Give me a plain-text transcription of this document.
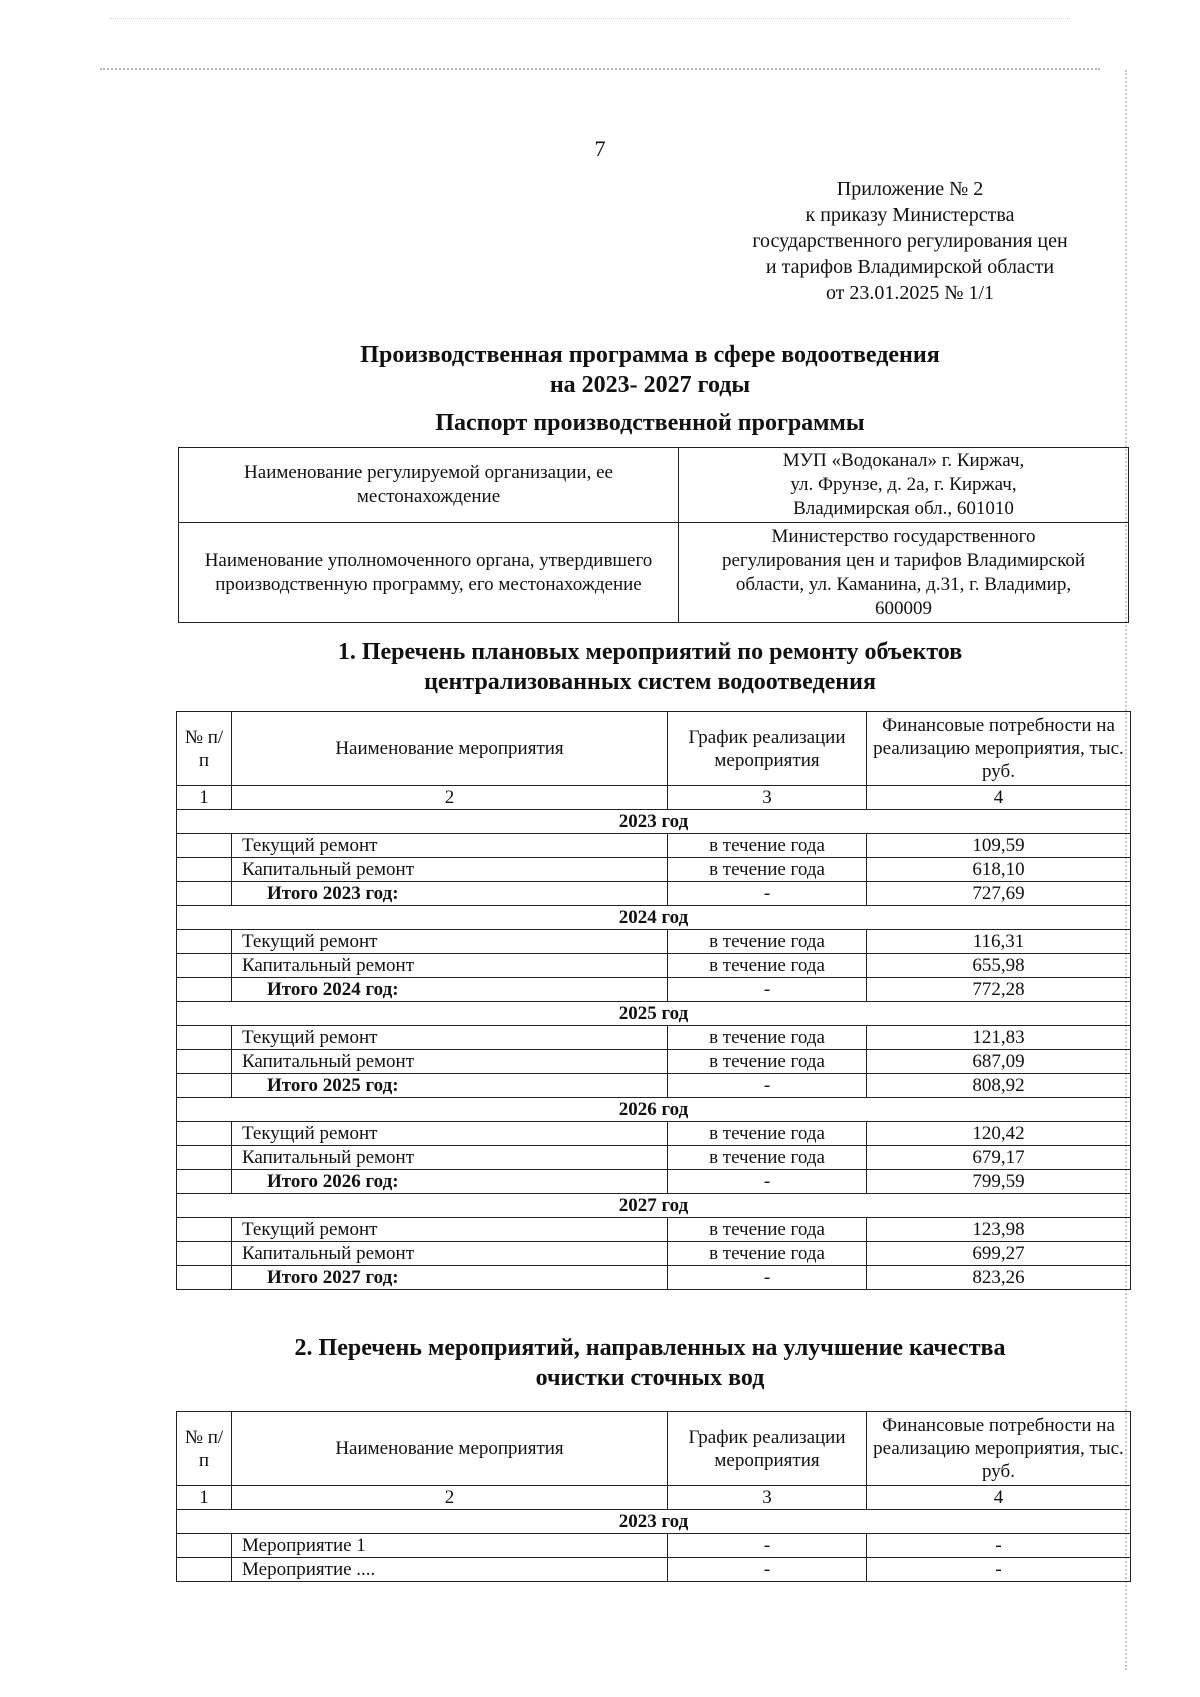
7
Приложение № 2
к приказу Министерства
государственного регулирования цен
и тарифов Владимирской области
от 23.01.2025 № 1/1
Производственная программа в сфере водоотведения
на 2023- 2027 годы
Паспорт производственной программы
Наименование регулируемой организации, ее местонахождение	МУП «Водоканал» г. Киржач,
ул. Фрунзе, д. 2а, г. Киржач,
Владимирская обл., 601010

Наименование уполномоченного органа, утвердившего производственную программу, его местонахождение	Министерство государственного
регулирования цен и тарифов Владимирской
области, ул. Каманина, д.31, г. Владимир,
600009
1. Перечень плановых мероприятий по ремонту объектов
централизованных систем водоотведения
№ п/п	Наименование мероприятия	График реализации мероприятия	Финансовые потребности на реализацию мероприятия, тыс. руб.
1	2	3	4
2023 год			
	Текущий ремонт	в течение года	109,59
	Капитальный ремонт	в течение года	618,10
	Итого 2023 год:	-	727,69
2024 год			
	Текущий ремонт	в течение года	116,31
	Капитальный ремонт	в течение года	655,98
	Итого 2024 год:	-	772,28
2025 год			
	Текущий ремонт	в течение года	121,83
	Капитальный ремонт	в течение года	687,09
	Итого 2025 год:	-	808,92
2026 год			
	Текущий ремонт	в течение года	120,42
	Капитальный ремонт	в течение года	679,17
	Итого 2026 год:	-	799,59
2027 год			
	Текущий ремонт	в течение года	123,98
	Капитальный ремонт	в течение года	699,27
	Итого 2027 год:	-	823,26
2. Перечень мероприятий, направленных на улучшение качества
очистки сточных вод
№ п/п	Наименование мероприятия	График реализации мероприятия	Финансовые потребности на реализацию мероприятия, тыс. руб.
1	2	3	4
2023 год			
	Мероприятие 1	-	-
	Мероприятие ....	-	-
